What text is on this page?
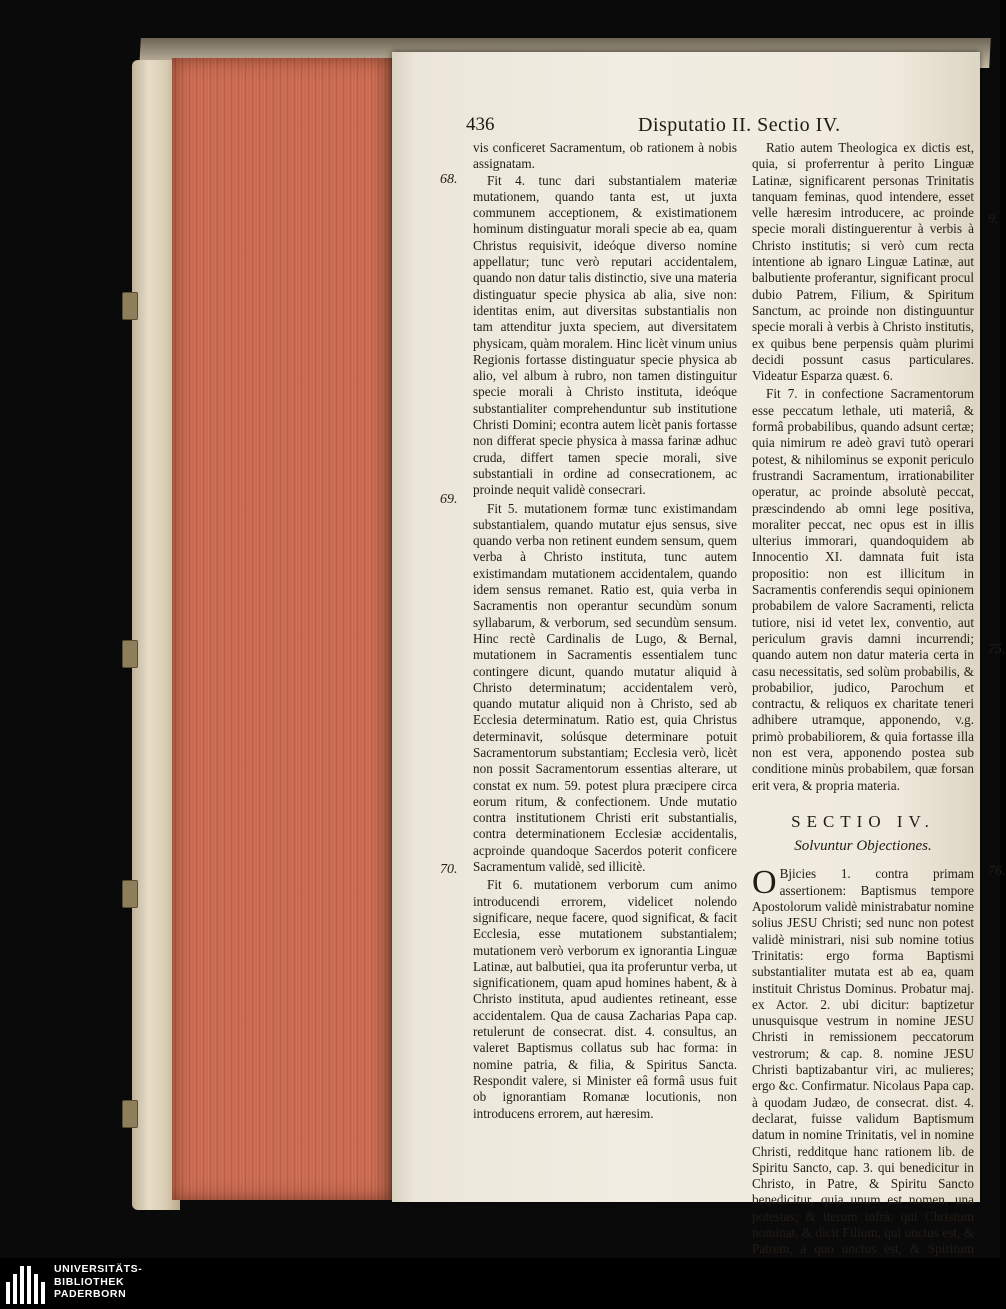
436	Disputatio II. Sectio IV.
68.
69.
70.
9.
75.
76.

vis conficeret Sacramentum, ob rationem à nobis assignatam.

Fit 4. tunc dari substantialem materiæ mutationem, quando tanta est, ut juxta communem acceptionem, & existimationem hominum distinguatur morali specie ab ea, quam Christus requisivit, ideóque diverso nomine appellatur; tunc verò reputari accidentalem, quando non datur talis distinctio, sive una materia distinguatur specie physica ab alia, sive non: identitas enim, aut diversitas substantialis non tam attenditur juxta speciem, aut diversitatem physicam, quàm moralem. Hinc licèt vinum unius Regionis fortasse distinguatur specie physica ab alio, vel album à rubro, non tamen distinguitur specie morali à Christo instituta, ideóque substantialiter comprehenduntur sub institutione Christi Domini; econtra autem licèt panis fortasse non differat specie physica à massa farinæ adhuc cruda, differt tamen specie morali, sive substantiali in ordine ad consecrationem, ac proinde nequit validè consecrari.

Fit 5. mutationem formæ tunc existimandam substantialem, quando mutatur ejus sensus, sive quando verba non retinent eundem sensum, quem verba à Christo instituta, tunc autem existimandam mutationem accidentalem, quando idem sensus remanet. Ratio est, quia verba in Sacramentis non operantur secundùm sonum syllabarum, & verborum, sed secundùm sensum. Hinc rectè Cardinalis de Lugo, & Bernal, mutationem in Sacramentis essentialem tunc contingere dicunt, quando mutatur aliquid à Christo determinatum; accidentalem verò, quando mutatur aliquid non à Christo, sed ab Ecclesia determinatum. Ratio est, quia Christus determinavit, solúsque determinare potuit Sacramentorum substantiam; Ecclesia verò, licèt non possit Sacramentorum essentias alterare, ut constat ex num. 59. potest plura præcipere circa eorum ritum, & confectionem. Unde mutatio contra institutionem Christi erit substantialis, contra determinationem Ecclesiæ accidentalis, acproinde quandoque Sacerdos poterit conficere Sacramentum validè, sed illicitè.

Fit 6. mutationem verborum cum animo introducendi errorem, videlicet nolendo significare, neque facere, quod significat, & facit Ecclesia, esse mutationem substantialem; mutationem verò verborum ex ignorantia Linguæ Latinæ, aut balbutiei, qua ita proferuntur verba, ut significationem, quam apud homines habent, & à Christo instituta, apud audientes retineant, esse accidentalem. Qua de causa Zacharias Papa cap. retulerunt de consecrat. dist. 4. consultus, an valeret Baptismus collatus sub hac forma: in nomine patria, & filia, & Spiritus Sancta. Respondit valere, si Minister eâ formâ usus fuit ob ignorantiam Romanæ locutionis, non introducens errorem, aut hæresim.

Ratio autem Theologica ex dictis est, quia, si proferrentur à perito Linguæ Latinæ, significarent personas Trinitatis tanquam feminas, quod intendere, esset velle hæresim introducere, ac proinde specie morali distinguerentur à verbis à Christo institutis; si verò cum recta intentione ab ignaro Linguæ Latinæ, aut balbutiente proferantur, significant procul dubio Patrem, Filium, & Spiritum Sanctum, ac proinde non distinguuntur specie morali à verbis à Christo institutis, ex quibus bene perpensis quàm plurimi decidi possunt casus particulares. Videatur Esparza quæst. 6.

Fit 7. in confectione Sacramentorum esse peccatum lethale, uti materiâ, & formâ probabilibus, quando adsunt certæ; quia nimirum re adeò gravi tutò operari potest, & nihilominus se exponit periculo frustrandi Sacramentum, irrationabiliter operatur, ac proinde absolutè peccat, præscindendo ab omni lege positiva, moraliter peccat, nec opus est in illis ulterius immorari, quandoquidem ab Innocentio XI. damnata fuit ista propositio: non est illicitum in Sacramentis conferendis sequi opinionem probabilem de valore Sacramenti, relicta tutiore, nisi id vetet lex, conventio, aut periculum gravis damni incurrendi; quando autem non datur materia certa in casu necessitatis, sed solùm probabilis, & probabilior, judico, Parochum et contractu, & reliquos ex charitate teneri adhibere utramque, apponendo, v.g. primò probabiliorem, & quia fortasse illa non est vera, apponendo postea sub conditione minùs probabilem, quæ forsan erit vera, & propria materia.

SECTIO IV.
Solvuntur Objectiones.

O Bjicies 1. contra primam assertionem: Baptismus tempore Apostolorum validè ministrabatur nomine solius JESU Christi; sed nunc non potest validè ministrari, nisi sub nomine totius Trinitatis: ergo forma Baptismi substantialiter mutata est ab ea, quam instituit Christus Dominus. Probatur maj. ex Actor. 2. ubi dicitur: baptizetur unusquisque vestrum in nomine JESU Christi in remissionem peccatorum vestrorum; & cap. 8. nomine JESU Christi baptizabantur viri, ac mulieres; ergo &c. Confirmatur. Nicolaus Papa cap. à quodam Judæo, de consecrat. dist. 4. declarat, fuisse validum Baptismum datum in nomine Trinitatis, vel in nomine Christi, redditque hanc rationem lib. de Spiritu Sancto, cap. 3. qui benedicitur in Christo, in Patre, & Spiritu Sancto benedicitur, quia unum est nomen, una potestas; & iterum infrà: qui Christum nominat, & dicit Filium, qui unctus est, & Patrem, à quo unctus est, & Spiritum

UNIVERSITÄTS-
BIBLIOTHEK
PADERBORN
